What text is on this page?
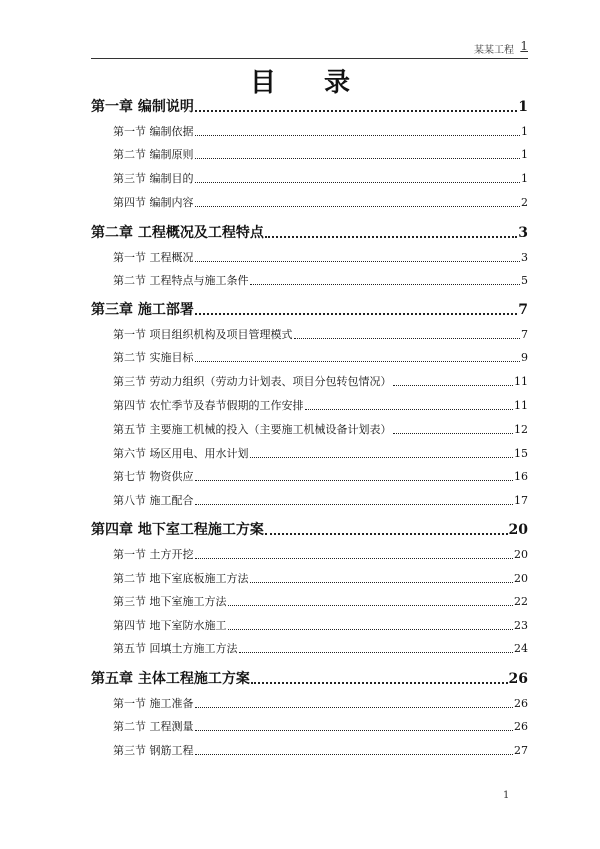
某某工程 1
目录
第一章 编制说明	1
第一节 编制依据	1
第二节 编制原则	1
第三节 编制目的	1
第四节 编制内容	2
第二章 工程概况及工程特点	3
第一节 工程概况	3
第二节 工程特点与施工条件	5
第三章 施工部署	7
第一节 项目组织机构及项目管理模式	7
第二节 实施目标	9
第三节 劳动力组织（劳动力计划表、项目分包转包情况）	11
第四节 农忙季节及春节假期的工作安排	11
第五节 主要施工机械的投入（主要施工机械设备计划表）	12
第六节 场区用电、用水计划	15
第七节 物资供应	16
第八节 施工配合	17
第四章 地下室工程施工方案	20
第一节 土方开挖	20
第二节 地下室底板施工方法	20
第三节 地下室施工方法	22
第四节 地下室防水施工	23
第五节 回填土方施工方法	24
第五章 主体工程施工方案	26
第一节 施工准备	26
第二节 工程测量	26
第三节 钢筋工程	27
1
